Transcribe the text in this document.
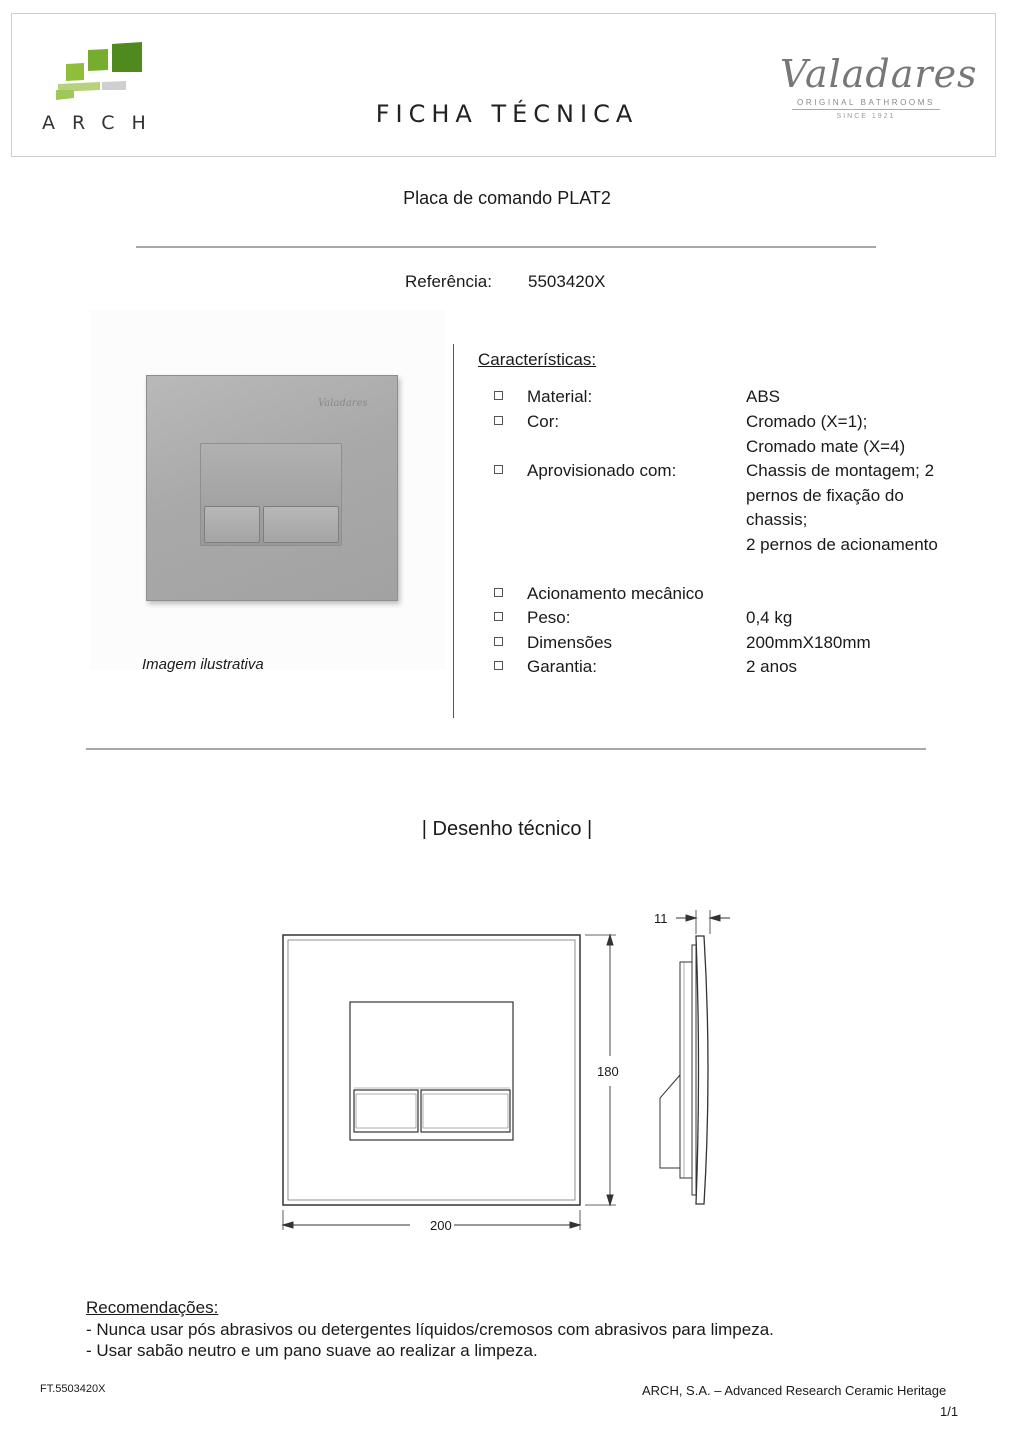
ARCH	FICHA TÉCNICA
Valadares
ORIGINAL BATHROOMS
SINCE 1921
Placa de comando PLAT2
Referência: 5503420X
Valadares
Imagem ilustrativa
Características:
Material:	ABS
Cor:	Cromado (X=1);
Cromado mate (X=4)
Aprovisionado com:	Chassis de montagem; 2 pernos de fixação do chassis;
2 pernos de acionamento
Acionamento mecânico
Peso:	0,4 kg
Dimensões	200mmX180mm
Garantia:	2 anos
| Desenho técnico |
200
180
11
Recomendações:
- Nunca usar pós abrasivos ou detergentes líquidos/cremosos com abrasivos para limpeza.
- Usar sabão neutro e um pano suave ao realizar a limpeza.
FT.5503420X	ARCH, S.A. – Advanced Research Ceramic Heritage
1/1
